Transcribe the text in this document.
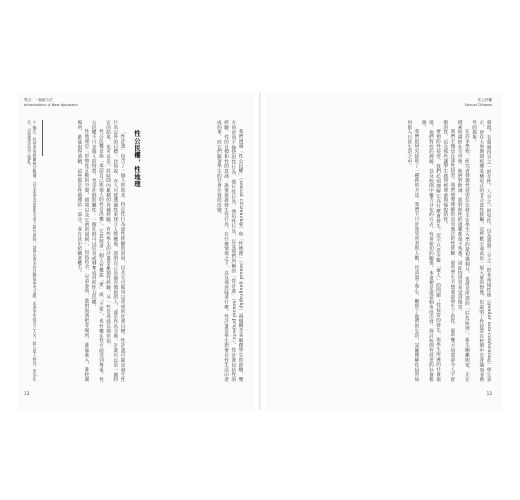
導言：一個新方法
Introduction: A New Approach

我們透過「性公民權」（sexual citizenship）和「性地理」（sexual geography）兩個概念來解釋學生的經驗，雙方同意而不愉快的性行為、強行性行為、強迫性行為，以及我們所稱的「性計畫」（sexual projects）。性計畫包括性的經驗、性的目標和性的意涵：誰要與誰發生性行為，在什麼情境之下，以及那意味著什麼。性計畫是學生想要在性生活中達成的事，而它們隨著學生的社會位置而改變。

性公民權，性地理

「性計畫」包含了一個人的欲求，特定性行為或性經驗的原因，以及它可能用以達成的社會目標。性計畫可能是發生性行為以外的目標：比如說，有人可能透過性來建立人際關係、證明自己是個有價值的人，或是作為交換。計畫可以是一個特定的結果，也可以是一段時間內累積的各種經驗。有些學生的計畫是累積性經驗，另一些是尋找長期伴侶。

性公民權是指「承認自己與他人的性自決權」。它意味著一個人有權說「要」或「不要」，也有權在性方面受到尊重。性公民權不只是個人的特質，也是社群的屬性：一個社群可以培育或剝奪成員的性公民權。

性地理是「形塑性互動的空間、環境以及它們的規則」，包括宿舍、兄弟會所、派對與酒吧等場所。誰能進入、誰控制場所、誰能取得酒精，這些都是性地理的一部分，並在其中結構著權力。

＊ 編注：性侵害的相關統計數據，以及本書各章節所引用之研究資料，請參見書末的註釋與參考文獻。本書中所提及之人名，除公眾人物外，皆為化名，以保護受訪者之隱私。
13
性公民權
Sexual Citizens

發現，有超過四分之一的女性、八分之一的男性，以及超過三分之一的非常規性別（gender non-conforming）學生表示，曾在大學期間經歷某種形式的非合意性接觸。這些數字遠高於一般大眾的想像，也說明了性侵害在校園中是普遍而非例外的現象。

在許多學校，研究者發現性侵害往往發生在學生入學的最初幾個月，也就是所謂的「紅色區域」。新生剛離開家，正在摸索校園的社交世界，他們對飲酒、派對與性的規範都還不熟悉，因此特別容易受到傷害。

我們不僅是在談性侵害。我們想要理解的是更廣泛的性經驗：那些學生不想要卻發生了的性、那些雙方同意卻令人不舒服的性、以及那些讓學生感到被尊重與愉悅的性。

要預防性侵害，我們必須理解它為什麼會發生。這不只是少數「壞人」的問題；性侵害的發生，與學生所處的社會環境、他們對性的理解，以及校園中權力分布的方式，有著密切的關係。本書便是從這個角度出發，探討校園性侵害的社會根源。

我們的研究採取了一種新的方法。我們不只計算受害者的人數，也訪談了學生、觀察了他們的生活，試圖理解性侵害如何嵌入日常生活之中。

12
